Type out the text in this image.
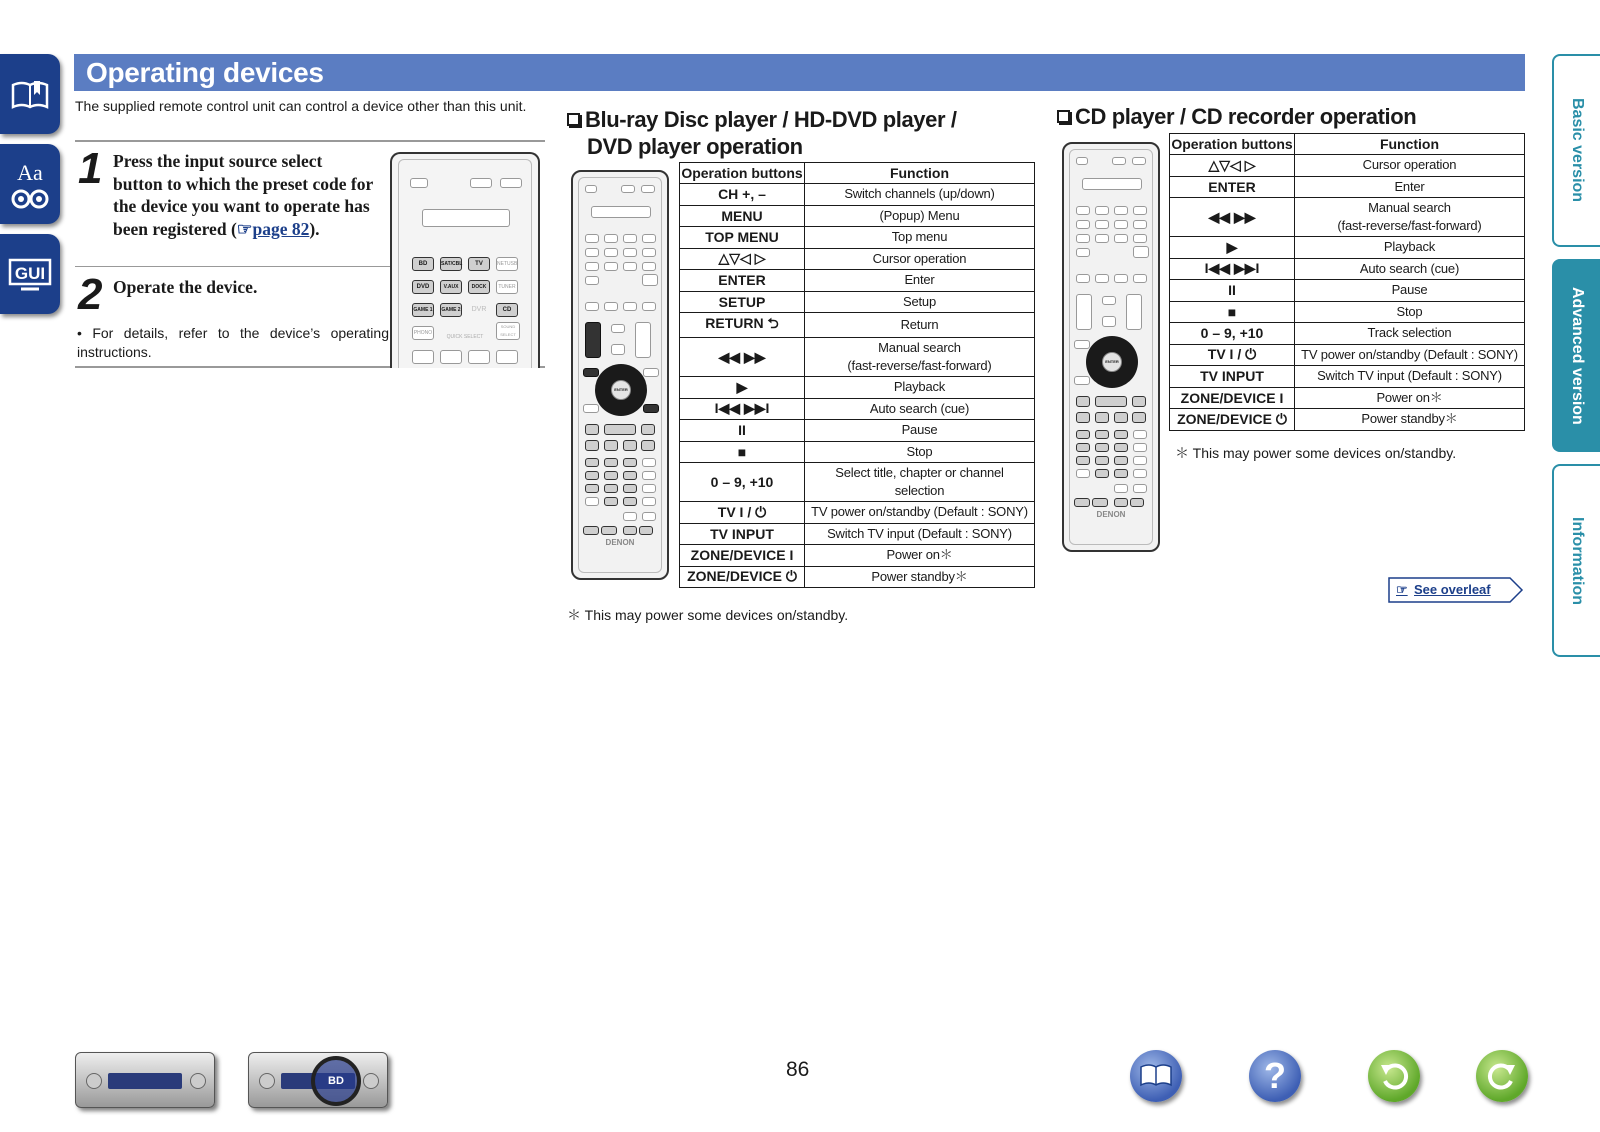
Aa
GUI
Basic version
Advanced version
Information
Operating devices
The supplied remote control unit can control a device other than this unit.
1 Press the input source select button to which the preset code for the device you want to operate has been registered (☞page 82).
2 Operate the device.
• For details, refer to the device’s operating instructions.
BD	SAT/CBL	TV	NETUSB
DVD	V.AUX	DOCK	TUNER
GAME 1 GAME 2	DVR	CD
PHONO
QUICK SELECT
SOUND SELECT
Blu-ray Disc player / HD-DVD player /
DVD player operation
ENTER
DENON
Operation buttons	Function
CH +, –	Switch channels (up/down)
MENU	(Popup) Menu
TOP MENU	Top menu
△▽◁ ▷	Cursor operation
ENTER	Enter
SETUP	Setup
RETURN ⮌	Return
◀◀ ▶▶	Manual search
(fast-reverse/fast-forward)
▶	Playback
I◀◀ ▶▶I	Auto search (cue)
II	Pause
■	Stop
0 – 9, +10	Select title, chapter or channel
selection
TV I / ⏻	TV power on/standby (Default : SONY)
TV INPUT	Switch TV input (Default : SONY)
ZONE/DEVICE I	Power on＊
ZONE/DEVICE ⏻	Power standby＊
＊ This may power some devices on/standby.
CD player / CD recorder operation
ENTER
DENON
Operation buttons	Function
△▽◁ ▷	Cursor operation
ENTER	Enter
◀◀ ▶▶	Manual search
(fast-reverse/fast-forward)
▶	Playback
I◀◀ ▶▶I	Auto search (cue)
II	Pause
■	Stop
0 – 9, +10	Track selection
TV I / ⏻	TV power on/standby (Default : SONY)
TV INPUT	Switch TV input (Default : SONY)
ZONE/DEVICE I	Power on＊
ZONE/DEVICE ⏻	Power standby＊
＊ This may power some devices on/standby.
☞ See overleaf
BD	86	?
